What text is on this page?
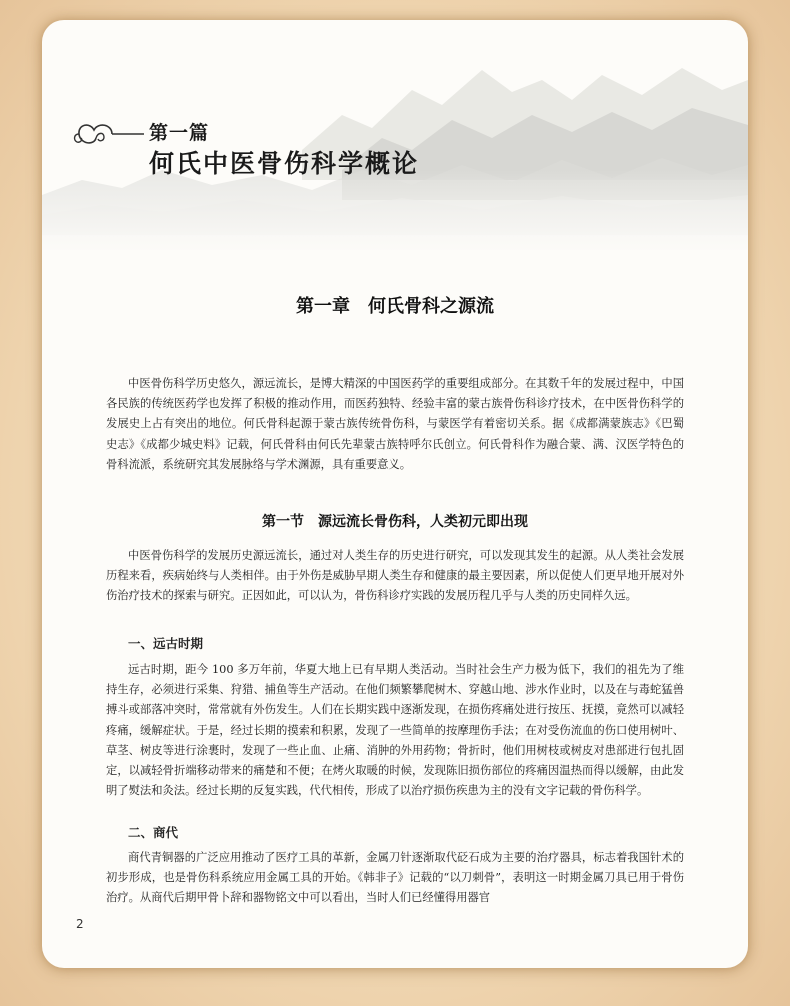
第一篇
何氏中医骨伤科学概论
第一章　何氏骨科之源流

中医骨伤科学历史悠久，源远流长，是博大精深的中国医药学的重要组成部分。在其数千年的发展过程中，中国各民族的传统医药学也发挥了积极的推动作用，而医药独特、经验丰富的蒙古族骨伤科诊疗技术，在中医骨伤科学的发展史上占有突出的地位。何氏骨科起源于蒙古族传统骨伤科，与蒙医学有着密切关系。据《成都满蒙族志》《巴蜀史志》《成都少城史料》记载，何氏骨科由何氏先辈蒙古族特呼尔氏创立。何氏骨科作为融合蒙、满、汉医学特色的骨科流派，系统研究其发展脉络与学术渊源，具有重要意义。

第一节　源远流长骨伤科，人类初元即出现

中医骨伤科学的发展历史源远流长，通过对人类生存的历史进行研究，可以发现其发生的起源。从人类社会发展历程来看，疾病始终与人类相伴。由于外伤是威胁早期人类生存和健康的最主要因素，所以促使人们更早地开展对外伤治疗技术的探索与研究。正因如此，可以认为，骨伤科诊疗实践的发展历程几乎与人类的历史同样久远。

一、远古时期

远古时期，距今 100 多万年前，华夏大地上已有早期人类活动。当时社会生产力极为低下，我们的祖先为了维持生存，必须进行采集、狩猎、捕鱼等生产活动。在他们频繁攀爬树木、穿越山地、涉水作业时，以及在与毒蛇猛兽搏斗或部落冲突时，常常就有外伤发生。人们在长期实践中逐渐发现，在损伤疼痛处进行按压、抚摸，竟然可以减轻疼痛，缓解症状。于是，经过长期的摸索和积累，发现了一些简单的按摩理伤手法；在对受伤流血的伤口使用树叶、草茎、树皮等进行涂裹时，发现了一些止血、止痛、消肿的外用药物；骨折时，他们用树枝或树皮对患部进行包扎固定，以减轻骨折端移动带来的痛楚和不便；在烤火取暖的时候，发现陈旧损伤部位的疼痛因温热而得以缓解，由此发明了熨法和灸法。经过长期的反复实践，代代相传，形成了以治疗损伤疾患为主的没有文字记载的骨伤科学。

二、商代

商代青铜器的广泛应用推动了医疗工具的革新，金属刀针逐渐取代砭石成为主要的治疗器具，标志着我国针术的初步形成，也是骨伤科系统应用金属工具的开始。《韩非子》记载的“以刀刺骨”，表明这一时期金属刀具已用于骨伤治疗。从商代后期甲骨卜辞和器物铭文中可以看出，当时人们已经懂得用器官

2
